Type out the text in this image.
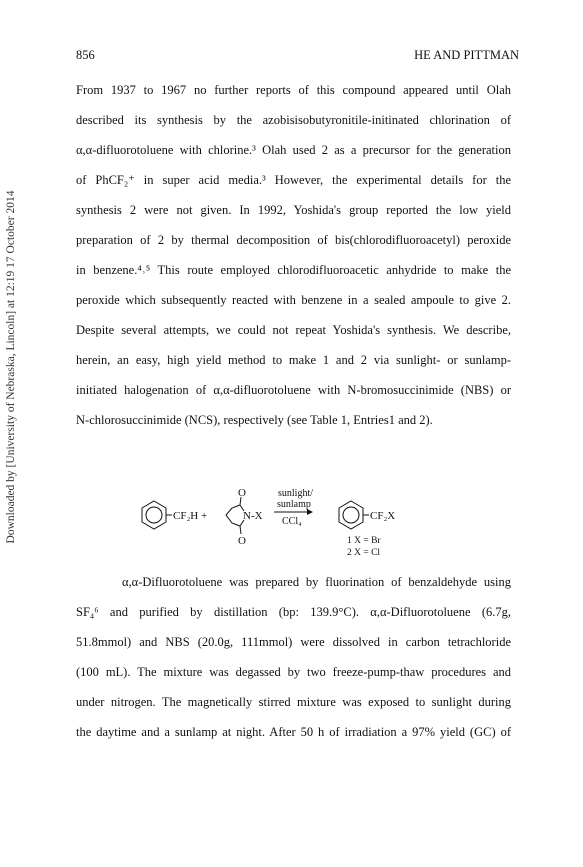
Downloaded by [University of Nebraska, Lincoln] at 12:19 17 October 2014
856	HE AND PITTMAN
From 1937 to 1967 no further reports of this compound appeared until Olah
described its synthesis by the azobisisobutyronitile-initinated chlorination of
α,α-difluorotoluene with chlorine.³ Olah used 2 as a precursor for the generation
of PhCF₂⁺ in super acid media.³ However, the experimental details for the
synthesis 2 were not given. In 1992, Yoshida's group reported the low yield
preparation of 2 by thermal decomposition of bis(chlorodifluoroacetyl) peroxide
in benzene.⁴˒⁵ This route employed chlorodifluoroacetic anhydride to make the
peroxide which subsequently reacted with benzene in a sealed ampoule to give 2.
Despite several attempts, we could not repeat Yoshida's synthesis. We describe,
herein, an easy, high yield method to make 1 and 2 via sunlight- or sunlamp-
initiated halogenation of α,α-difluorotoluene with N-bromosuccinimide (NBS) or
N-chlorosuccinimide (NCS), respectively (see Table 1, Entries1 and 2).
CF₂H +
O
O
N-X
sunlight/
sunlamp
CCl₄	CF₂X
1 X = Br
2 X = Cl
α,α-Difluorotoluene was prepared by fluorination of benzaldehyde using
SF₄⁶ and purified by distillation (bp: 139.9°C). α,α-Difluorotoluene (6.7g,
51.8mmol) and NBS (20.0g, 111mmol) were dissolved in carbon tetrachloride
(100 mL). The mixture was degassed by two freeze-pump-thaw procedures and
under nitrogen. The magnetically stirred mixture was exposed to sunlight during
the daytime and a sunlamp at night. After 50 h of irradiation a 97% yield (GC) of
